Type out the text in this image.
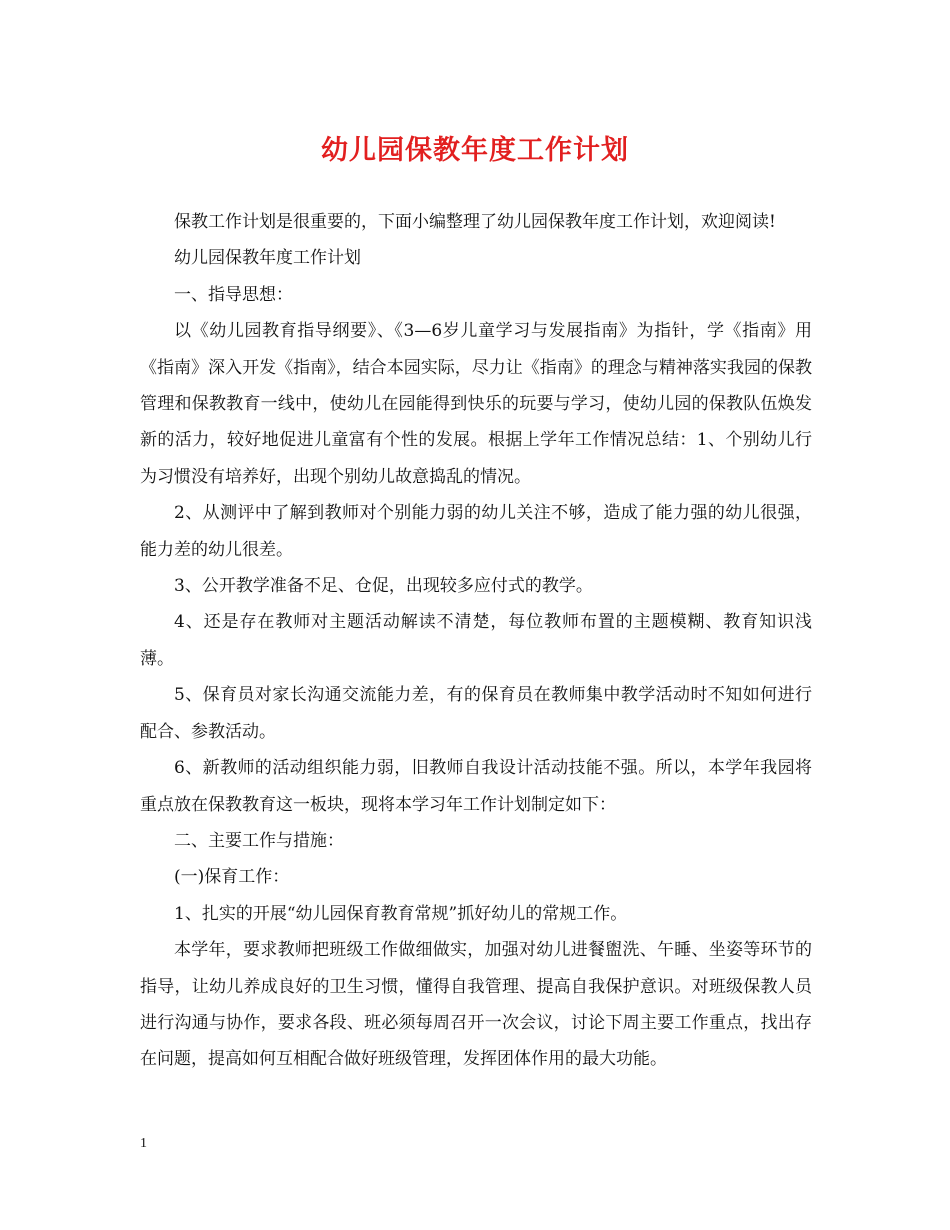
幼儿园保教年度工作计划

保教工作计划是很重要的，下面小编整理了幼儿园保教年度工作计划，欢迎阅读!

幼儿园保教年度工作计划

一、指导思想：

以《幼儿园教育指导纲要》、《3—6岁儿童学习与发展指南》为指针，学《指南》用《指南》深入开发《指南》，结合本园实际，尽力让《指南》的理念与精神落实我园的保教管理和保教教育一线中，使幼儿在园能得到快乐的玩要与学习，使幼儿园的保教队伍焕发新的活力，较好地促进儿童富有个性的发展。根据上学年工作情况总结：1、个别幼儿行为习惯没有培养好，出现个别幼儿故意捣乱的情况。

2、从测评中了解到教师对个别能力弱的幼儿关注不够，造成了能力强的幼儿很强，能力差的幼儿很差。

3、公开教学准备不足、仓促，出现较多应付式的教学。

4、还是存在教师对主题活动解读不清楚，每位教师布置的主题模糊、教育知识浅薄。

5、保育员对家长沟通交流能力差，有的保育员在教师集中教学活动时不知如何进行配合、参教活动。

6、新教师的活动组织能力弱，旧教师自我设计活动技能不强。所以，本学年我园将重点放在保教教育这一板块，现将本学习年工作计划制定如下：

二、主要工作与措施：

(一)保育工作：

1、扎实的开展“幼儿园保育教育常规”抓好幼儿的常规工作。

本学年，要求教师把班级工作做细做实，加强对幼儿进餐盥洗、午睡、坐姿等环节的指导，让幼儿养成良好的卫生习惯，懂得自我管理、提高自我保护意识。对班级保教人员进行沟通与协作，要求各段、班必须每周召开一次会议，讨论下周主要工作重点，找出存在问题，提高如何互相配合做好班级管理，发挥团体作用的最大功能。

1
